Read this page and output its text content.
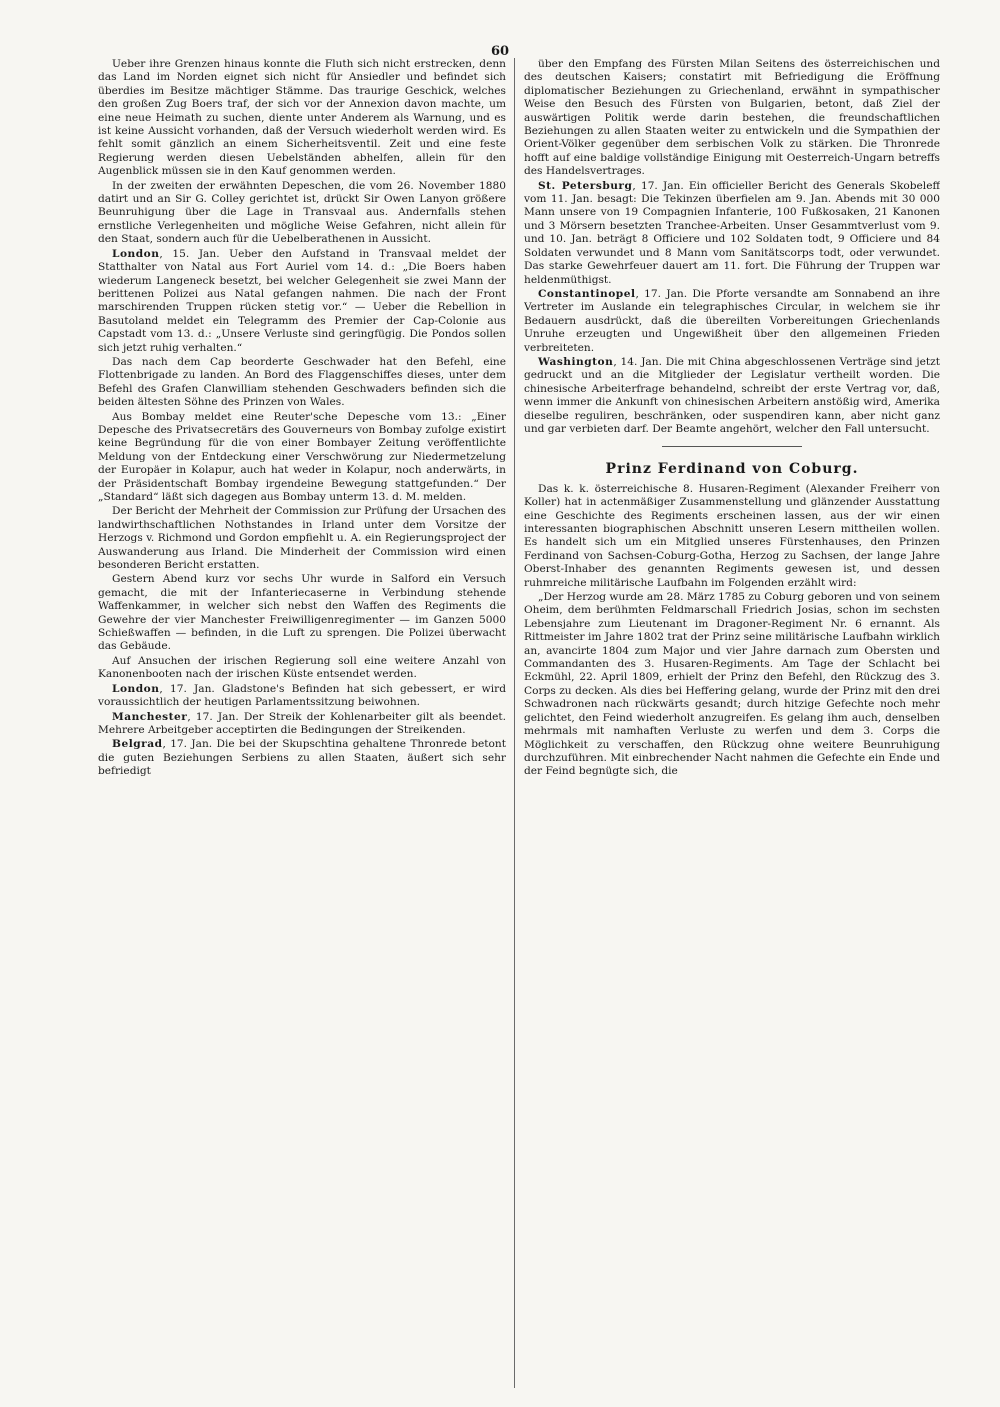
60

Ueber ihre Grenzen hinaus konnte die Fluth sich nicht erstrecken, denn das Land im Norden eignet sich nicht für Ansiedler und befindet sich überdies im Besitze mächtiger Stämme. Das traurige Geschick, welches den großen Zug Boers traf, der sich vor der Annexion davon machte, um eine neue Heimath zu suchen, diente unter Anderem als Warnung, und es ist keine Aussicht vorhanden, daß der Versuch wiederholt werden wird. Es fehlt somit gänzlich an einem Sicherheitsventil. Zeit und eine feste Regierung werden diesen Uebelständen abhelfen, allein für den Augenblick müssen sie in den Kauf genommen werden.

In der zweiten der erwähnten Depeschen, die vom 26. November 1880 datirt und an Sir G. Colley gerichtet ist, drückt Sir Owen Lanyon größere Beunruhigung über die Lage in Transvaal aus. Andernfalls stehen ernstliche Verlegenheiten und mögliche Weise Gefahren, nicht allein für den Staat, sondern auch für die Uebelberathenen in Aussicht.

London, 15. Jan. Ueber den Aufstand in Transvaal meldet der Statthalter von Natal aus Fort Auriel vom 14. d.: „Die Boers haben wiederum Langeneck besetzt, bei welcher Gelegenheit sie zwei Mann der berittenen Polizei aus Natal gefangen nahmen. Die nach der Front marschirenden Truppen rücken stetig vor.“ — Ueber die Rebellion in Basutoland meldet ein Telegramm des Premier der Cap-Colonie aus Capstadt vom 13. d.: „Unsere Verluste sind geringfügig. Die Pondos sollen sich jetzt ruhig verhalten.“

Das nach dem Cap beorderte Geschwader hat den Befehl, eine Flottenbrigade zu landen. An Bord des Flaggenschiffes dieses, unter dem Befehl des Grafen Clanwilliam stehenden Geschwaders befinden sich die beiden ältesten Söhne des Prinzen von Wales.

Aus Bombay meldet eine Reuter'sche Depesche vom 13.: „Einer Depesche des Privatsecretärs des Gouverneurs von Bombay zufolge existirt keine Begründung für die von einer Bombayer Zeitung veröffentlichte Meldung von der Entdeckung einer Verschwörung zur Niedermetzelung der Europäer in Kolapur, auch hat weder in Kolapur, noch anderwärts, in der Präsidentschaft Bombay irgendeine Bewegung stattgefunden.“ Der „Standard“ läßt sich dagegen aus Bombay unterm 13. d. M. melden.

Der Bericht der Mehrheit der Commission zur Prüfung der Ursachen des landwirthschaftlichen Nothstandes in Irland unter dem Vorsitze der Herzogs v. Richmond und Gordon empfiehlt u. A. ein Regierungsproject der Auswanderung aus Irland. Die Minderheit der Commission wird einen besonderen Bericht erstatten.

Gestern Abend kurz vor sechs Uhr wurde in Salford ein Versuch gemacht, die mit der Infanteriecaserne in Verbindung stehende Waffenkammer, in welcher sich nebst den Waffen des Regiments die Gewehre der vier Manchester Freiwilligenregimenter — im Ganzen 5000 Schießwaffen — befinden, in die Luft zu sprengen. Die Polizei überwacht das Gebäude.

Auf Ansuchen der irischen Regierung soll eine weitere Anzahl von Kanonenbooten nach der irischen Küste entsendet werden.

London, 17. Jan. Gladstone's Befinden hat sich gebessert, er wird voraussichtlich der heutigen Parlamentssitzung beiwohnen.

Manchester, 17. Jan. Der Streik der Kohlenarbeiter gilt als beendet. Mehrere Arbeitgeber acceptirten die Bedingungen der Streikenden.

Belgrad, 17. Jan. Die bei der Skupschtina gehaltene Thronrede betont die guten Beziehungen Serbiens zu allen Staaten, äußert sich sehr befriedigt

über den Empfang des Fürsten Milan Seitens des österreichischen und des deutschen Kaisers; constatirt mit Befriedigung die Eröffnung diplomatischer Beziehungen zu Griechenland, erwähnt in sympathischer Weise den Besuch des Fürsten von Bulgarien, betont, daß Ziel der auswärtigen Politik werde darin bestehen, die freundschaftlichen Beziehungen zu allen Staaten weiter zu entwickeln und die Sympathien der Orient-Völker gegenüber dem serbischen Volk zu stärken. Die Thronrede hofft auf eine baldige vollständige Einigung mit Oesterreich-Ungarn betreffs des Handelsvertrages.

St. Petersburg, 17. Jan. Ein officieller Bericht des Generals Skobeleff vom 11. Jan. besagt: Die Tekinzen überfielen am 9. Jan. Abends mit 30 000 Mann unsere von 19 Compagnien Infanterie, 100 Fußkosaken, 21 Kanonen und 3 Mörsern besetzten Tranchee-Arbeiten. Unser Gesammtverlust vom 9. und 10. Jan. beträgt 8 Officiere und 102 Soldaten todt, 9 Officiere und 84 Soldaten verwundet und 8 Mann vom Sanitätscorps todt, oder verwundet. Das starke Gewehrfeuer dauert am 11. fort. Die Führung der Truppen war heldenmüthigst.

Constantinopel, 17. Jan. Die Pforte versandte am Sonnabend an ihre Vertreter im Auslande ein telegraphisches Circular, in welchem sie ihr Bedauern ausdrückt, daß die übereilten Vorbereitungen Griechenlands Unruhe erzeugten und Ungewißheit über den allgemeinen Frieden verbreiteten.

Washington, 14. Jan. Die mit China abgeschlossenen Verträge sind jetzt gedruckt und an die Mitglieder der Legislatur vertheilt worden. Die chinesische Arbeiterfrage behandelnd, schreibt der erste Vertrag vor, daß, wenn immer die Ankunft von chinesischen Arbeitern anstößig wird, Amerika dieselbe reguliren, beschränken, oder suspendiren kann, aber nicht ganz und gar verbieten darf. Der Beamte angehört, welcher den Fall untersucht.

Prinz Ferdinand von Coburg.

Das k. k. österreichische 8. Husaren-Regiment (Alexander Freiherr von Koller) hat in actenmäßiger Zusammenstellung und glänzender Ausstattung eine Geschichte des Regiments erscheinen lassen, aus der wir einen interessanten biographischen Abschnitt unseren Lesern mittheilen wollen. Es handelt sich um ein Mitglied unseres Fürstenhauses, den Prinzen Ferdinand von Sachsen-Coburg-Gotha, Herzog zu Sachsen, der lange Jahre Oberst-Inhaber des genannten Regiments gewesen ist, und dessen ruhmreiche militärische Laufbahn im Folgenden erzählt wird:

„Der Herzog wurde am 28. März 1785 zu Coburg geboren und von seinem Oheim, dem berühmten Feldmarschall Friedrich Josias, schon im sechsten Lebensjahre zum Lieutenant im Dragoner-Regiment Nr. 6 ernannt. Als Rittmeister im Jahre 1802 trat der Prinz seine militärische Laufbahn wirklich an, avancirte 1804 zum Major und vier Jahre darnach zum Obersten und Commandanten des 3. Husaren-Regiments. Am Tage der Schlacht bei Eckmühl, 22. April 1809, erhielt der Prinz den Befehl, den Rückzug des 3. Corps zu decken. Als dies bei Heffering gelang, wurde der Prinz mit den drei Schwadronen nach rückwärts gesandt; durch hitzige Gefechte noch mehr gelichtet, den Feind wiederholt anzugreifen. Es gelang ihm auch, denselben mehrmals mit namhaften Verluste zu werfen und dem 3. Corps die Möglichkeit zu verschaffen, den Rückzug ohne weitere Beunruhigung durchzuführen. Mit einbrechender Nacht nahmen die Gefechte ein Ende und der Feind begnügte sich, die
